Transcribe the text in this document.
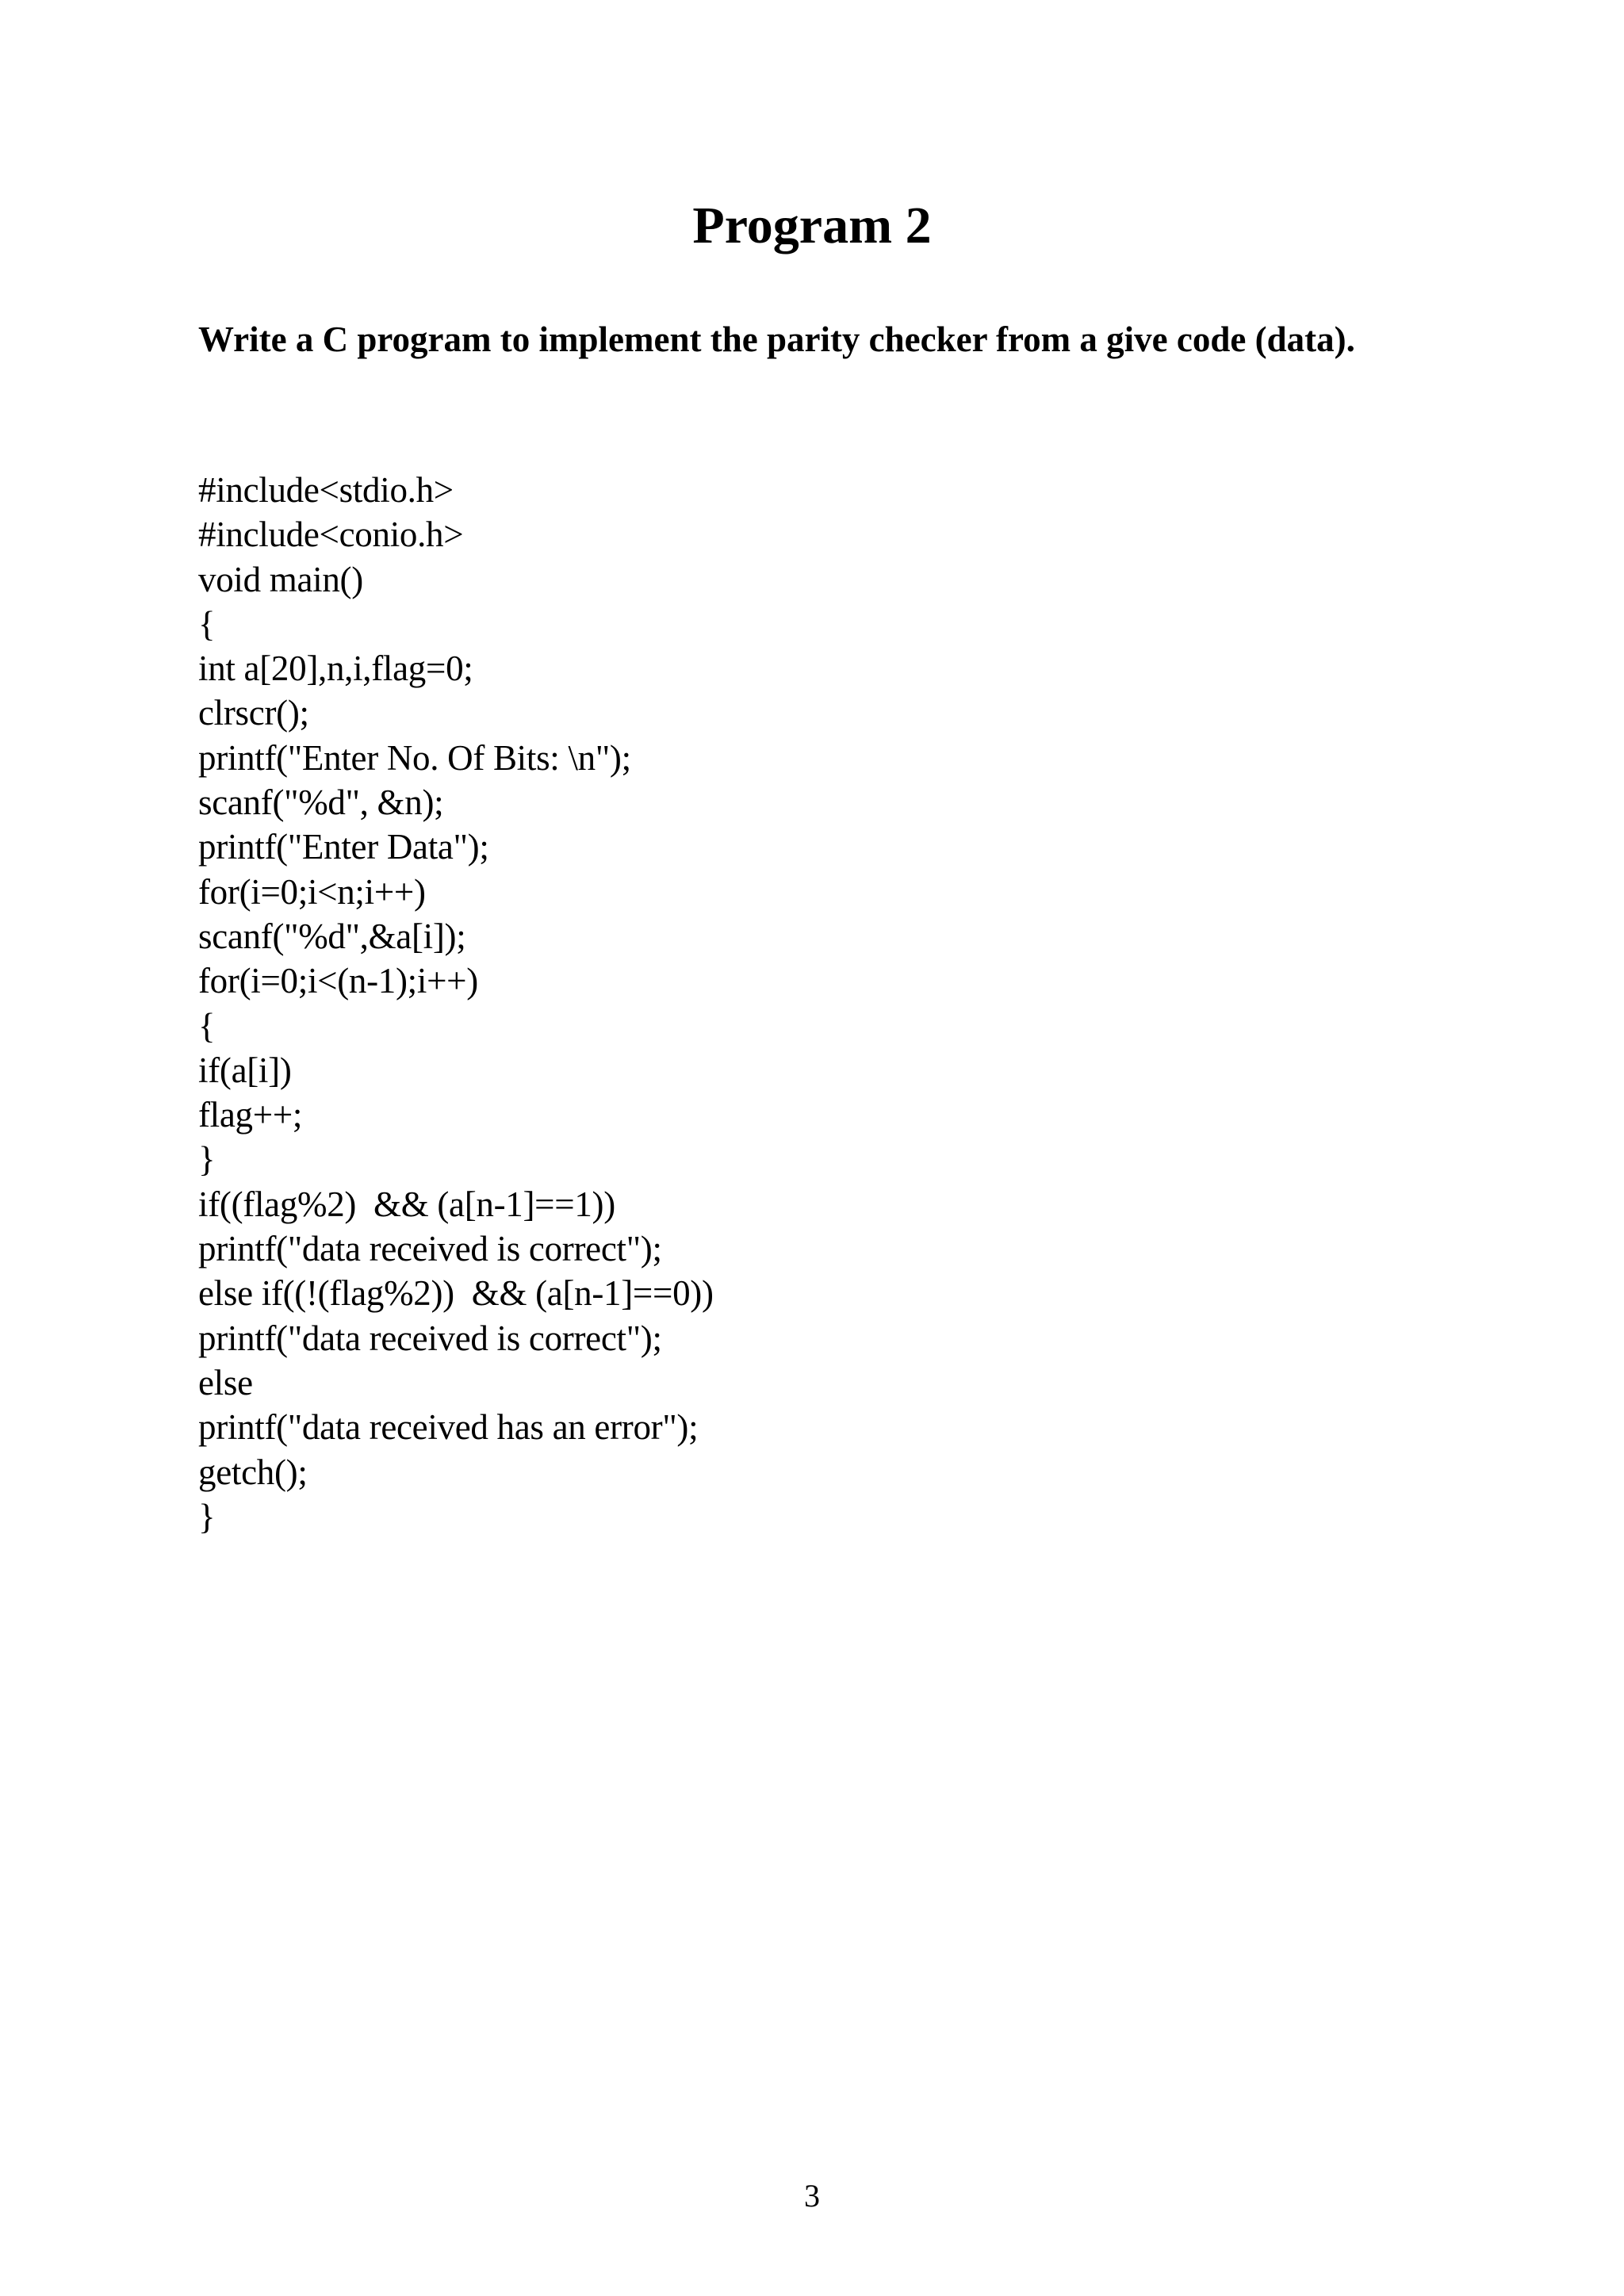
Program 2

Write a C program to implement the parity checker from a give code (data).

#include<stdio.h>
#include<conio.h>
void main()
{
int a[20],n,i,flag=0;
clrscr();
printf("Enter No. Of Bits: \n");
scanf("%d", &n);
printf("Enter Data");
for(i=0;i<n;i++)
scanf("%d",&a[i]);
for(i=0;i<(n-1);i++)
{
if(a[i])
flag++;
}
if((flag%2)  && (a[n-1]==1))
printf("data received is correct");
else if((!(flag%2))  && (a[n-1]==0))
printf("data received is correct");
else
printf("data received has an error");
getch();
}
3
